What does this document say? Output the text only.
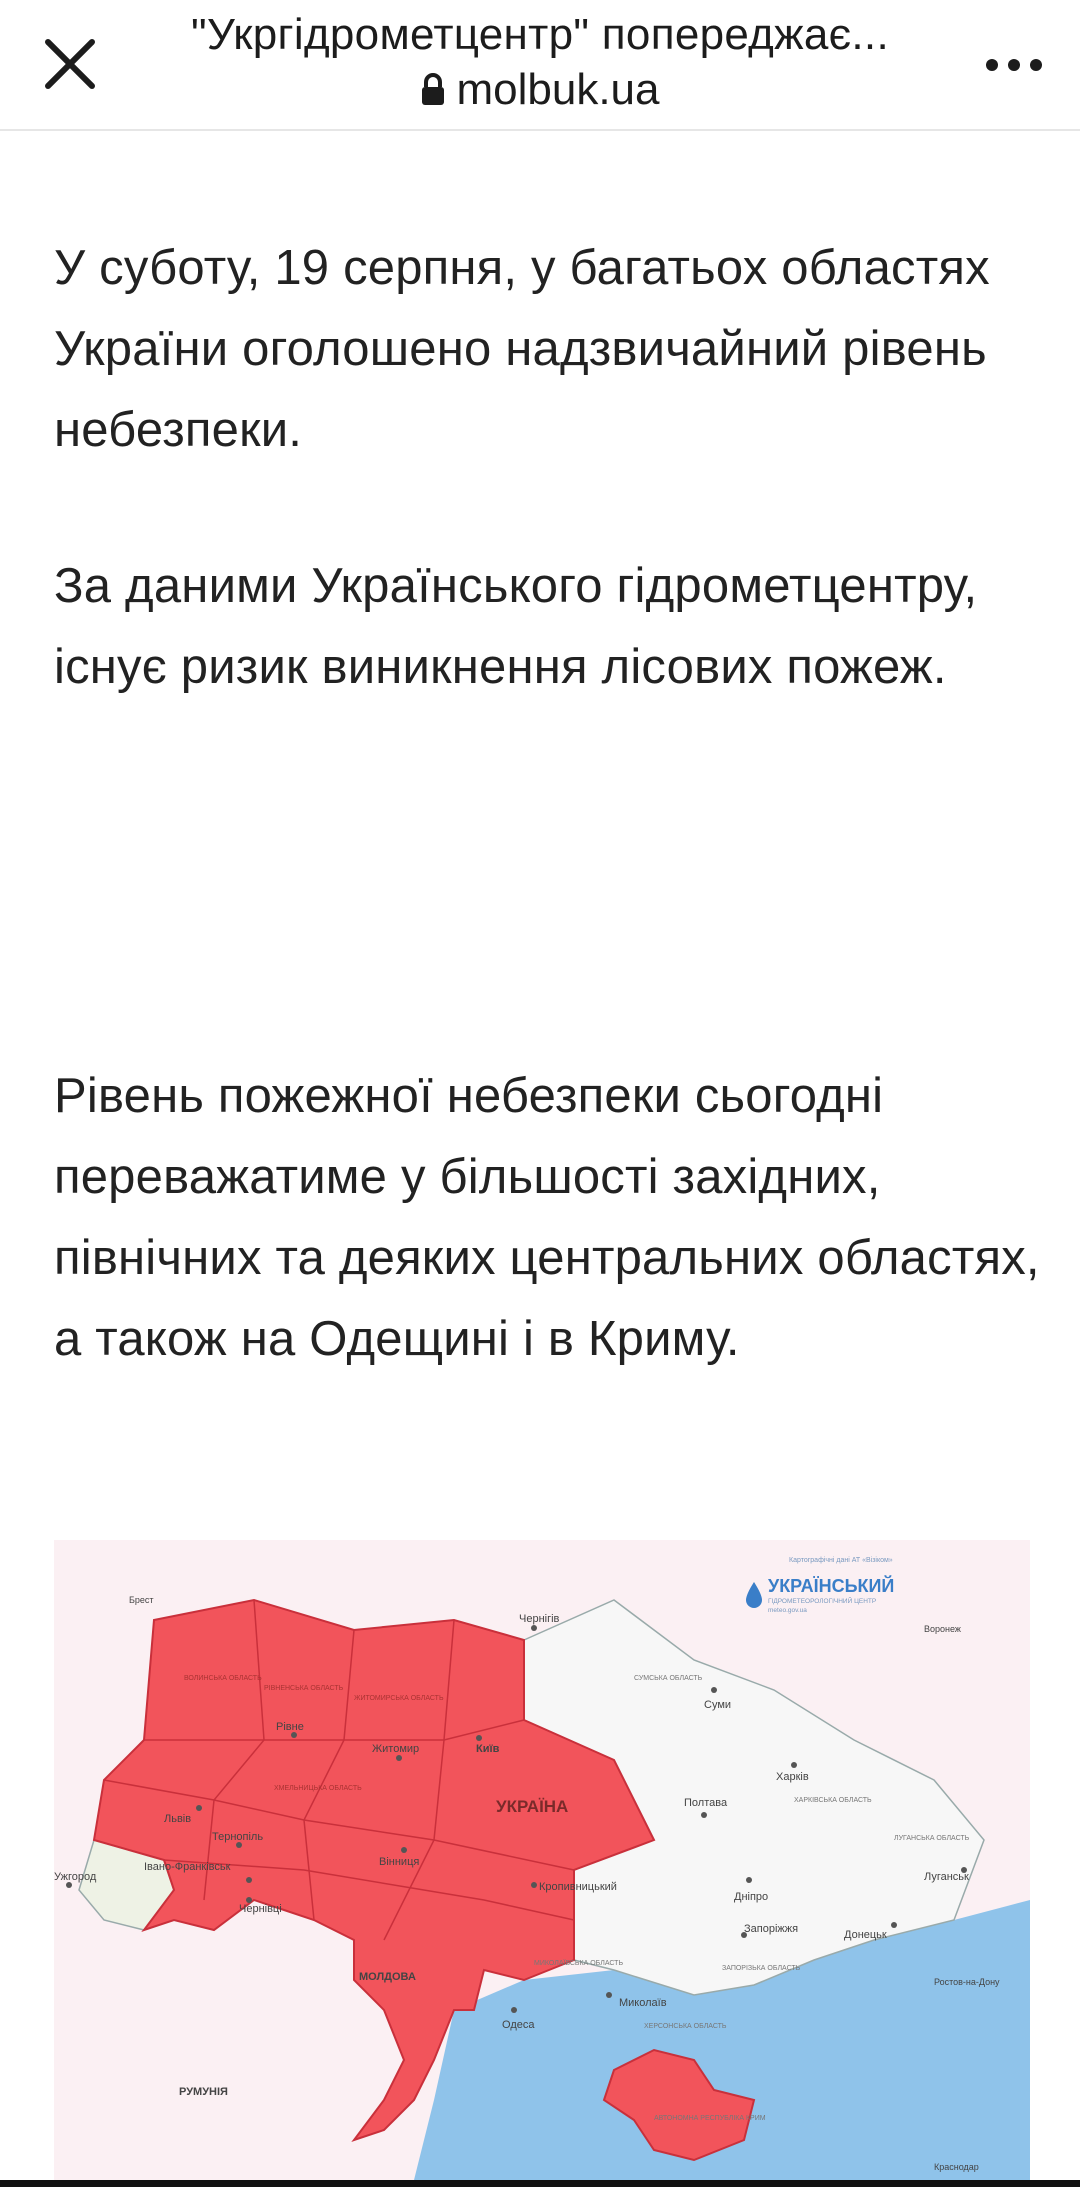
"Укргідрометцентр" попереджає...
molbuk.ua

У суботу, 19 серпня, у багатьох областях України оголошено надзвичайний рівень небезпеки.

За даними Українського гідрометцентру, існує ризик виникнення лісових пожеж.

Рівень пожежної небезпеки сьогодні переважатиме у більшості західних, північних та деяких центральних областях, а також на Одещині і в Криму.

Київ
УКРАЇНА
Львів
Рівне
Житомир
Тернопіль
Івано-Франківськ
Чернівці
Вінниця
Кропивницький
Чернігів
Суми
Харків
Полтава
Дніпро
Запоріжжя	Донецьк
Луганськ
Миколаїв
Одеса
Ужгород
МОЛДОВА
РУМУНІЯ
Брест
Воронеж
Ростов-на-Дону
Краснодар
ХАРКІВСЬКА ОБЛАСТЬ
ЛУГАНСЬКА ОБЛАСТЬ
СУМСЬКА ОБЛАСТЬ
МИКОЛАЇВСЬКА ОБЛАСТЬ
ЗАПОРІЗЬКА ОБЛАСТЬ
ХЕРСОНСЬКА ОБЛАСТЬ
АВТОНОМНА РЕСПУБЛІКА КРИМ
ВОЛИНСЬКА ОБЛАСТЬ
РІВНЕНСЬКА ОБЛАСТЬ
ЖИТОМИРСЬКА ОБЛАСТЬ
ХМЕЛЬНИЦЬКА ОБЛАСТЬ
Картографічні дані АТ «Візіком»
УКРАЇНСЬКИЙ
ГІДРОМЕТЕОРОЛОГІЧНИЙ ЦЕНТР
meteo.gov.ua
